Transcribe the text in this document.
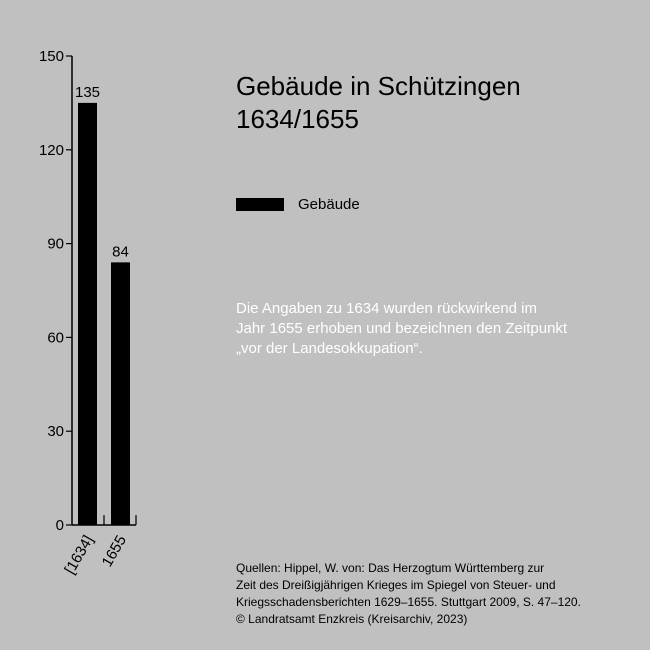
0
30
60
90
120
150
135
[1634]
84
1655
Gebäude in Schützingen
1634/1655
Gebäude
Die Angaben zu 1634 wurden rückwirkend im
Jahr 1655 erhoben und bezeichnen den Zeitpunkt
„vor der Landesokkupation“.
Quellen: Hippel, W. von: Das Herzogtum Württemberg zur
Zeit des Dreißigjährigen Krieges im Spiegel von Steuer- und
Kriegsschadensberichten 1629–1655. Stuttgart 2009, S. 47–120.
© Landratsamt Enzkreis (Kreisarchiv, 2023)
